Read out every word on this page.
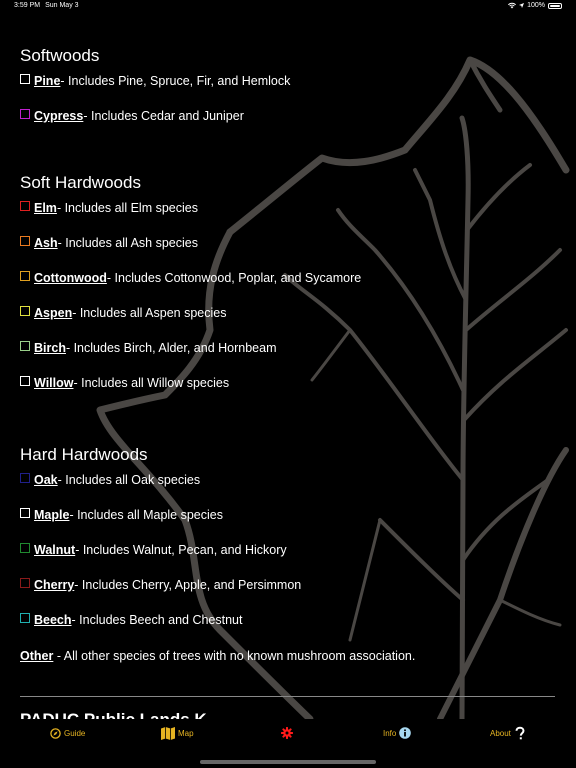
3:59 PM Sun May 3	100%
Softwoods
Pine - Includes Pine, Spruce, Fir, and Hemlock
Cypress - Includes Cedar and Juniper
Soft Hardwoods
Elm - Includes all Elm species
Ash - Includes all Ash species
Cottonwood - Includes Cottonwood, Poplar, and Sycamore
Aspen - Includes all Aspen species
Birch - Includes Birch, Alder, and Hornbeam
Willow - Includes all Willow species
Hard Hardwoods
Oak - Includes all Oak species
Maple - Includes all Maple species
Walnut - Includes Walnut, Pecan, and Hickory
Cherry - Includes Cherry, Apple, and Persimmon
Beech - Includes Beech and Chestnut
Other - All other species of trees with no known mushroom association.
Guide	Map	Info	About
